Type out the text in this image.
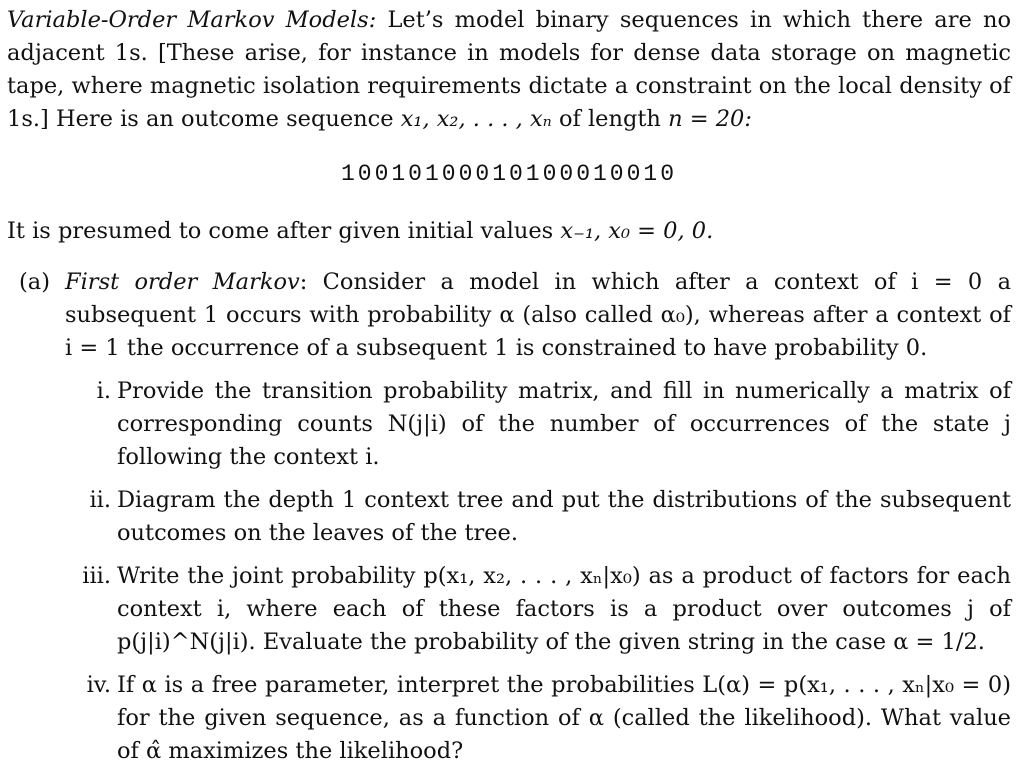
Variable-Order Markov Models: Let’s model binary sequences in which there are no adjacent 1s. [These arise, for instance in models for dense data storage on magnetic tape, where magnetic isolation requirements dictate a constraint on the local density of 1s.] Here is an outcome sequence x₁, x₂, . . . , xₙ of length n = 20:

10010100010100010010

It is presumed to come after given initial values x₋₁, x₀ = 0, 0.

(a) First order Markov: Consider a model in which after a context of i = 0 a subsequent 1 occurs with probability α (also called α₀), whereas after a context of i = 1 the occurrence of a subsequent 1 is constrained to have probability 0.

i. Provide the transition probability matrix, and fill in numerically a matrix of corresponding counts N(j|i) of the number of occurrences of the state j following the context i.

ii. Diagram the depth 1 context tree and put the distributions of the subsequent outcomes on the leaves of the tree.

iii. Write the joint probability p(x₁, x₂, . . . , xₙ|x₀) as a product of factors for each context i, where each of these factors is a product over outcomes j of p(j|i)^N(j|i). Evaluate the probability of the given string in the case α = 1/2.

iv. If α is a free parameter, interpret the probabilities L(α) = p(x₁, . . . , xₙ|x₀ = 0) for the given sequence, as a function of α (called the likelihood). What value of α̂ maximizes the likelihood?
